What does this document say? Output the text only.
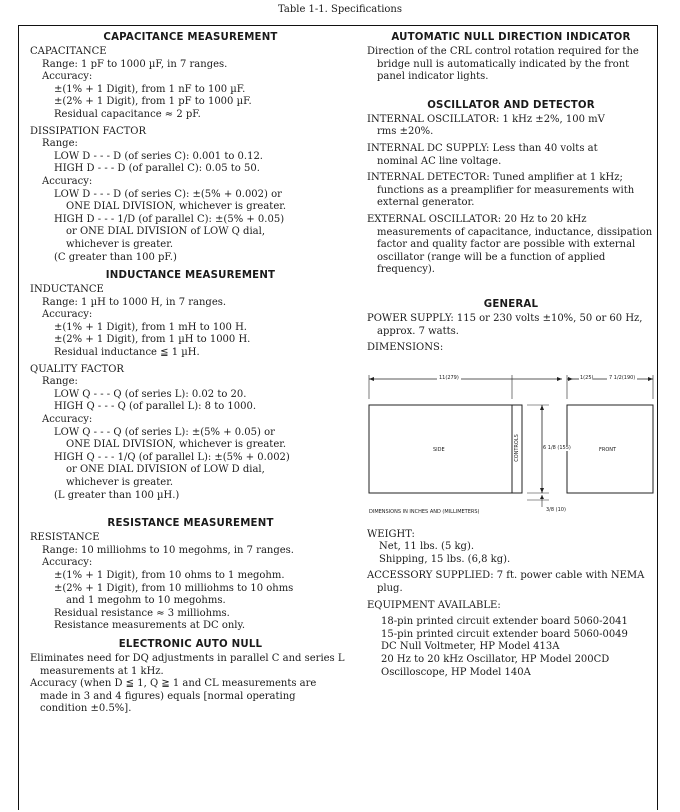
Table 1-1. Specifications
CAPACITANCE MEASUREMENT
CAPACITANCE
Range: 1 pF to 1000 µF, in 7 ranges.
Accuracy:
±(1% + 1 Digit), from 1 nF to 100 µF.
±(2% + 1 Digit), from 1 pF to 1000 µF.
Residual capacitance ≈ 2 pF.
DISSIPATION FACTOR
Range:
LOW D - - - D (of series C): 0.001 to 0.12.
HIGH D - - - D (of parallel C): 0.05 to 50.
Accuracy:
LOW D - - - D (of series C): ±(5% + 0.002) or
ONE DIAL DIVISION, whichever is greater.
HIGH D - - - 1/D (of parallel C): ±(5% + 0.05)
or ONE DIAL DIVISION of LOW Q dial,
whichever is greater.
(C greater than 100 pF.)
INDUCTANCE MEASUREMENT
INDUCTANCE
Range: 1 µH to 1000 H, in 7 ranges.
Accuracy:
±(1% + 1 Digit), from 1 mH to 100 H.
±(2% + 1 Digit), from 1 µH to 1000 H.
Residual inductance ≦ 1 µH.
QUALITY FACTOR
Range:
LOW Q - - - Q (of series L): 0.02 to 20.
HIGH Q - - - Q (of parallel L): 8 to 1000.
Accuracy:
LOW Q - - - Q (of series L): ±(5% + 0.05) or
ONE DIAL DIVISION, whichever is greater.
HIGH Q - - - 1/Q (of parallel L): ±(5% + 0.002)
or ONE DIAL DIVISION of LOW D dial,
whichever is greater.
(L greater than 100 µH.)
RESISTANCE MEASUREMENT
RESISTANCE
Range: 10 milliohms to 10 megohms, in 7 ranges.
Accuracy:
±(1% + 1 Digit), from 10 ohms to 1 megohm.
±(2% + 1 Digit), from 10 milliohms to 10 ohms
and 1 megohm to 10 megohms.
Residual resistance ≈ 3 milliohms.
Resistance measurements at DC only.
ELECTRONIC AUTO NULL
Eliminates need for DQ adjustments in parallel C and series L measurements at 1 kHz.
Accuracy (when D ≦ 1, Q ≧ 1 and CL measurements are made in 3 and 4 figures) equals [normal operating condition ±0.5%].
AUTOMATIC NULL DIRECTION INDICATOR
Direction of the CRL control rotation required for the bridge null is automatically indicated by the front panel indicator lights.
OSCILLATOR AND DETECTOR
INTERNAL OSCILLATOR: 1 kHz ±2%, 100 mV rms ±20%.
INTERNAL DC SUPPLY: Less than 40 volts at nominal AC line voltage.
INTERNAL DETECTOR: Tuned amplifier at 1 kHz; functions as a preamplifier for measurements with external generator.
EXTERNAL OSCILLATOR: 20 Hz to 20 kHz measurements of capacitance, inductance, dissipation factor and quality factor are possible with external oscillator (range will be a function of applied frequency).
GENERAL
POWER SUPPLY: 115 or 230 volts ±10%, 50 or 60 Hz, approx. 7 watts.
DIMENSIONS:
11(279)	1(25)	7 1/2(190)
SIDE	CONTROLS	6 1/8 (155)	FRONT
3/8 (10)
DIMENSIONS IN INCHES AND (MILLIMETERS)
WEIGHT:
Net, 11 lbs. (5 kg).
Shipping, 15 lbs. (6,8 kg).
ACCESSORY SUPPLIED: 7 ft. power cable with NEMA plug.
EQUIPMENT AVAILABLE:
18-pin printed circuit extender board 5060-2041
15-pin printed circuit extender board 5060-0049
DC Null Voltmeter, HP Model 413A
20 Hz to 20 kHz Oscillator, HP Model 200CD
Oscilloscope, HP Model 140A
